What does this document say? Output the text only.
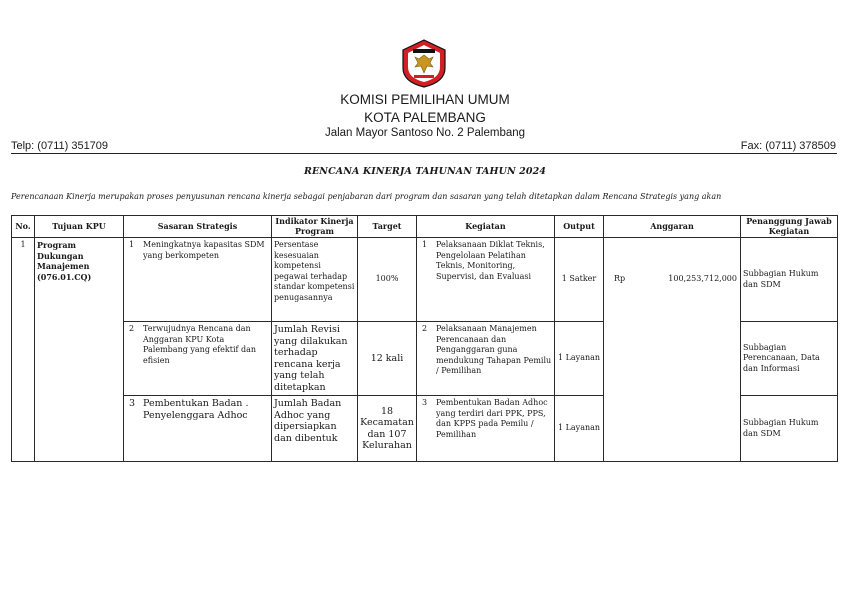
KOMISI PEMILIHAN UMUM
KOTA PALEMBANG
Jalan Mayor Santoso No. 2 Palembang
Telp: (0711) 351709	Fax: (0711) 378509
RENCANA KINERJA TAHUNAN TAHUN 2024
Perencanaan Kinerja merupakan proses penyusunan rencana kinerja sebagai penjabaran dari program dan sasaran yang telah ditetapkan dalam Rencana Strategis yang akan
No.	Tujuan KPU	Sasaran Strategis	Indikator Kinerja Program	Target	Kegiatan	Output	Anggaran	Penanggung Jawab Kegiatan
1	Program Dukungan Manajemen (076.01.CQ)	1 Meningkatnya kapasitas SDM yang berkompeten	Persentase kesesuaian kompetensi pegawai terhadap standar kompetensi penugasannya	100%	1 Pelaksanaan Diklat Teknis, Pengelolaan Pelatihan Teknis, Monitoring, Supervisi, dan Evaluasi	1 Satker	Rp 100,253,712,000	Subbagian Hukum dan SDM

		2 Terwujudnya Rencana dan Anggaran KPU Kota Palembang yang efektif dan efisien	Jumlah Revisi yang dilakukan terhadap rencana kerja yang telah ditetapkan	12 kali	2 Pelaksanaan Manajemen Perencanaan dan Penganggaran guna mendukung Tahapan Pemilu / Pemilihan	1 Layanan		Subbagian Perencanaan, Data dan Informasi

		3 Pembentukan Badan . Penyelenggara Adhoc	Jumlah Badan Adhoc yang dipersiapkan dan dibentuk	18 Kecamatan dan 107 Kelurahan	3 Pembentukan Badan Adhoc yang terdiri dari PPK, PPS, dan KPPS pada Pemilu / Pemilihan	1 Layanan		Subbagian Hukum dan SDM
